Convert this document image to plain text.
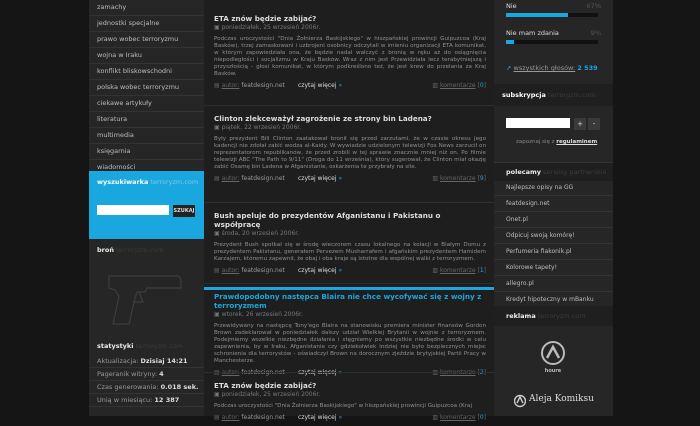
zamachy
jednostki specjalne
prawo wobec terroryzmu
wojna w Iraku
konflikt bliskowschodni
polska wobec terroryzmu
ciekawe artykuły
literatura
multimedia
księgarnia
wiadomości
wyszukiwarka terroryzm.com
SZUKAJ
broń terroryzm.com
statystyki terroryzm.com
Aktualizacja: Dzisiaj 14:21
Pageranik witryny: 4
Czas generowania: 0.018 sek.
Unią w miesiącu: 12 387
ETA znów będzie zabijać?
▣ poniedziałek, 25 wrzesień 2006r.
Podczas uroczystości "Dnia Żołnierza Baskijskiego" w hiszpańskiej prowincji Guipuzcoa (Kraj Basków), trzej zamaskowani i uzbrojeni osobnicy odczytali w imieniu organizacji ETA komunikat, w którym zapowiedziała ona, że będzie nadal walczyć z bronią w ręku aż do osiągnięcia niepodległości i socjalizmu w Kraju Basków. Wraz z nim jest Przewidziała lecz terabytniejszą i przyszłością - głosi komunikat, w którym podkreślono też, że jest krew do przelania za Kraj Basków.
▤ autor: featdesign.net czytaj więcej »	▥ komentarze [0]
Clinton zlekceważył zagrożenie ze strony bin Ladena?
▣ piątek, 22 wrzesień 2006r.
Były prezydent Bill Clinton zaatakował bronił się przed zarzutami, że w czasie okresu jego kadencji nie zdołał zabić wodza al-Kaidy. W wywiadzie udzielonym telewizji Fox News zarzucił on reprezentatorom republikanów, że przed zrobili w tej sprawie znacznie mniej niż on. Po filmie telewizji ABC "The Path to 9/11" (Droga do 11 września), który sugerował, że Clinton miał okazję zabić Osamę bin Ladena w Afganistanie, oskarżenia te przybrały na sile.
▤ autor: featdesign.net czytaj więcej »	▥ komentarze [9]
Bush apeluje do prezydentów Afganistanu i Pakistanu o współpracę
▣ środa, 20 wrzesień 2006r.
Prezydent Bush spotkał się w środę wieczorem czasu lokalnego na kolacji w Białym Domu z prezydentem Pakistanu, generałem Pervezem Musharrafem i afgańskim prezydentem Hamidem Karzajem, któremu zapewnił, że obaj i oba kraje są istotne dla wspólnej walki z terroryzmem.
▤ autor: featdesign.net czytaj więcej »	▥ komentarze [1]
Prawdopodobny następca Blaira nie chce wycofywać się z wojny z terroryzmem
▣ wtorek, 26 wrzesień 2006r.
Przewidywany na następcę Tony'ego Blaira na stanowisku premiera minister finansów Gordon Brown zadeklarował w poniedziałek dalszy udział Wielkiej Brytanii w wojnie z terroryzmem. Podejmiemy wszelkie niezbędne działania i stęgniemy po wszystkie niezbędne środki w celu zapewnienia, by w Iraku, Afganistanie czy gdziekolwiek indziej nie było bezpiecznych miejsc schronienia dla terrorystów - oświadczył Brown na dorocznym zjeździe brytyjskiej Partii Pracy w Manchesterze.
ETA znów będzie zabijać?
▣ poniedziałek, 25 wrzesień 2006r.
Podczas uroczystości "Dnia Żołnierza Baskijskiego" w hiszpańskiej prowincji Guipuzcoa (Kraj
▤ autor: featdesign.net czytaj więcej »	▥ komentarze [0]
Nie	67%
Nie mam zdania	9%
➚ wszystkich głosów: 2 539
subskrypcja terroryzm.com
+	-
zapoznaj się z regulaminem
polecamy serwisy partnerskie
Najlepsze opisy na GG
featdesign.net
Onet.pl
Odpicuj swoją komórę!
Perfumeria fiakonik.pl
Kolorowe tapety!
allegro.pl
Kredyt hipoteczny w mBanku
reklama terroryzm.com
houre
Aleja Komiksu
